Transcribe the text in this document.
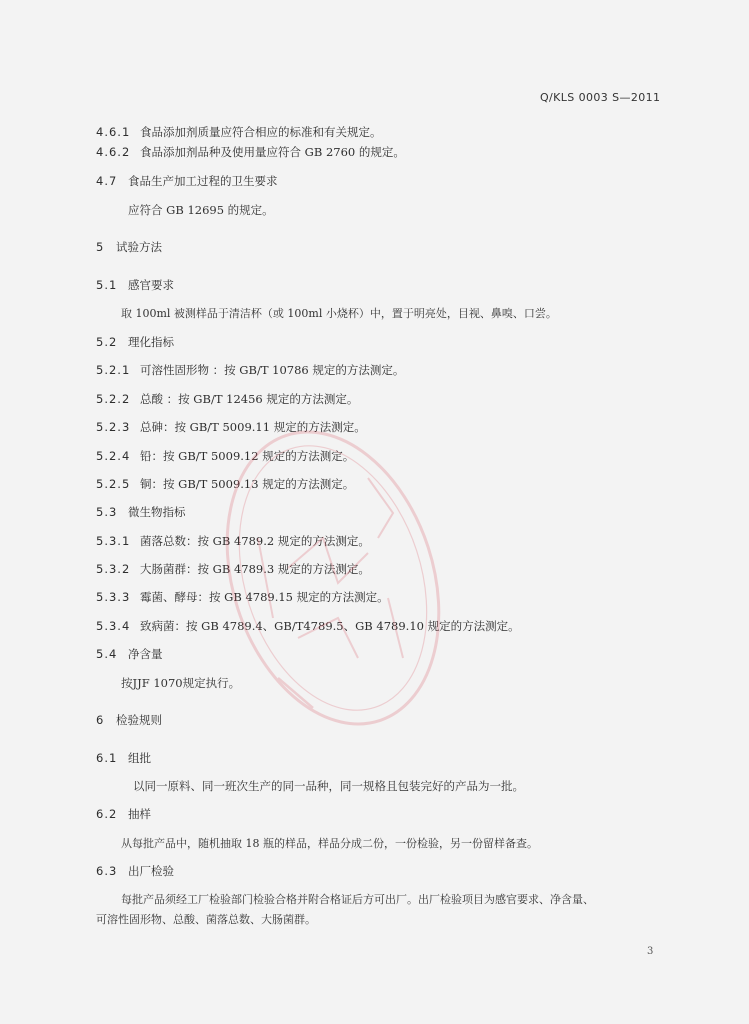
Q/KLS 0003 S—2011
4.6.1 食品添加剂质量应符合相应的标准和有关规定。
4.6.2 食品添加剂品种及使用量应符合 GB 2760 的规定。
4.7 食品生产加工过程的卫生要求
应符合 GB 12695 的规定。
5 试验方法
5.1 感官要求
取 100ml 被测样品于清洁杯（或 100ml 小烧杯）中，置于明亮处，目视、鼻嗅、口尝。
5.2 理化指标
5.2.1 可溶性固形物 ：按 GB/T 10786 规定的方法测定。
5.2.2 总酸 ：按 GB/T 12456 规定的方法测定。
5.2.3 总砷：按 GB/T 5009.11 规定的方法测定。
5.2.4 铅：按 GB/T 5009.12 规定的方法测定。
5.2.5 铜：按 GB/T 5009.13 规定的方法测定。
5.3 微生物指标
5.3.1 菌落总数：按 GB 4789.2 规定的方法测定。
5.3.2 大肠菌群：按 GB 4789.3 规定的方法测定。
5.3.3 霉菌、酵母：按 GB 4789.15 规定的方法测定。
5.3.4 致病菌：按 GB 4789.4、GB/T4789.5、GB 4789.10 规定的方法测定。
5.4 净含量
按JJF 1070规定执行。
6 检验规则
6.1 组批
以同一原料、同一班次生产的同一品种，同一规格且包装完好的产品为一批。
6.2 抽样
从每批产品中，随机抽取 18 瓶的样品，样品分成二份，一份检验，另一份留样备查。
6.3 出厂检验
每批产品须经工厂检验部门检验合格并附合格证后方可出厂。出厂检验项目为感官要求、净含量、
可溶性固形物、总酸、菌落总数、大肠菌群。
3
